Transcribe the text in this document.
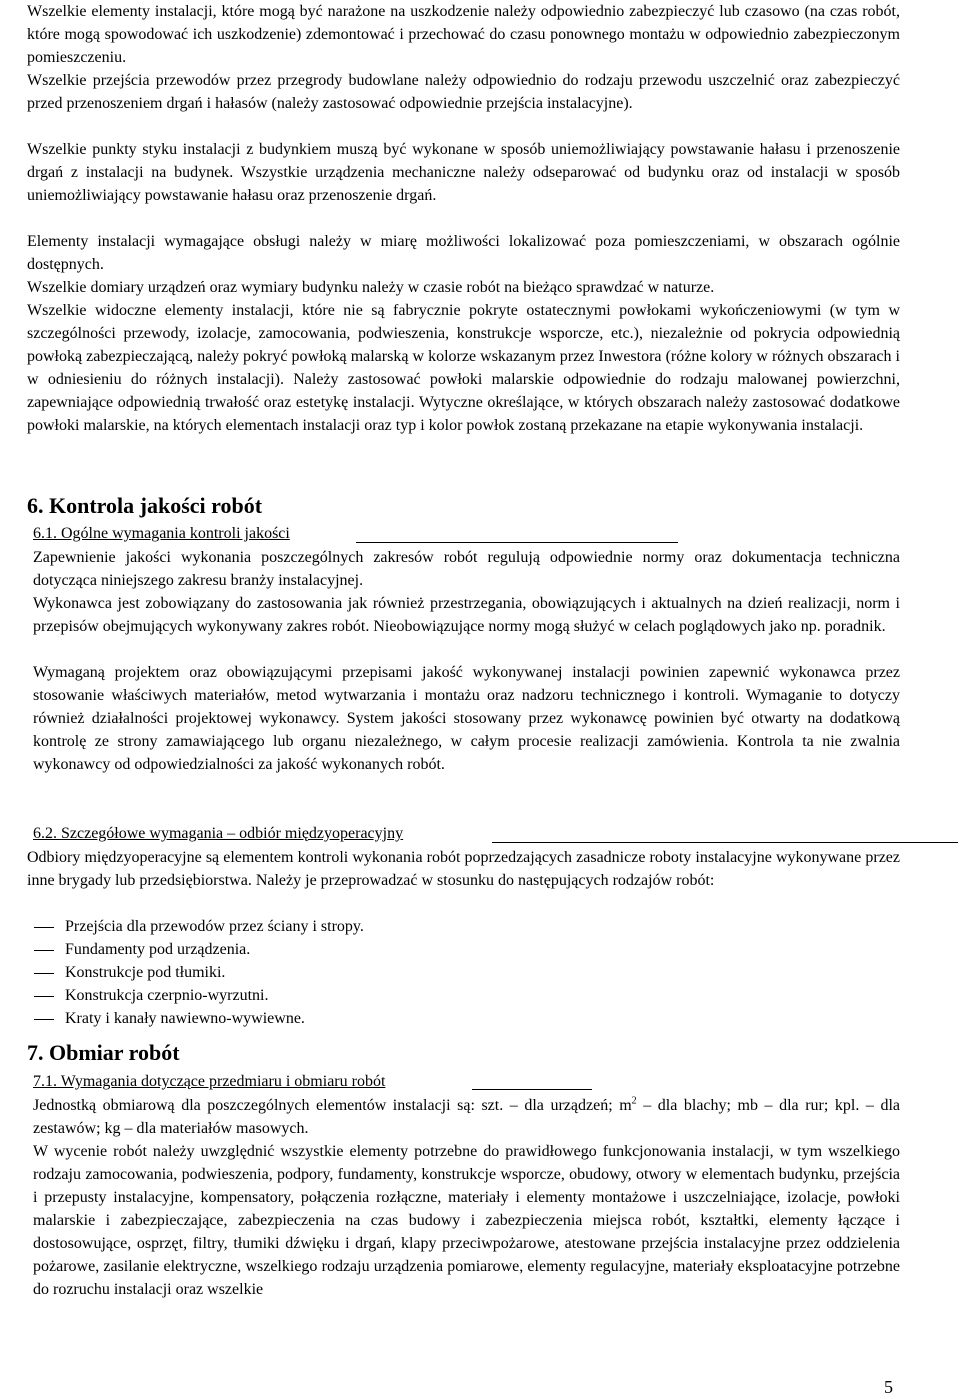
Wszelkie elementy instalacji, które mogą być narażone na uszkodzenie należy odpowiednio zabezpieczyć lub czasowo (na czas robót, które mogą spowodować ich uszkodzenie) zdemontować i przechować do czasu ponownego montażu w odpowiednio zabezpieczonym pomieszczeniu.

Wszelkie przejścia przewodów przez przegrody budowlane należy odpowiednio do rodzaju przewodu uszczelnić oraz zabezpieczyć przed przenoszeniem drgań i hałasów (należy zastosować odpowiednie przejścia instalacyjne).

Wszelkie punkty styku instalacji z budynkiem muszą być wykonane w sposób uniemożliwiający powstawanie hałasu i przenoszenie drgań z instalacji na budynek. Wszystkie urządzenia mechaniczne należy odseparować od budynku oraz od instalacji w sposób uniemożliwiający powstawanie hałasu oraz przenoszenie drgań.

Elementy instalacji wymagające obsługi należy w miarę możliwości lokalizować poza pomieszczeniami, w obszarach ogólnie dostępnych.

Wszelkie domiary urządzeń oraz wymiary budynku należy w czasie robót na bieżąco sprawdzać w naturze.

Wszelkie widoczne elementy instalacji, które nie są fabrycznie pokryte ostatecznymi powłokami wykończeniowymi (w tym w szczególności przewody, izolacje, zamocowania, podwieszenia, konstrukcje wsporcze, etc.), niezależnie od pokrycia odpowiednią powłoką zabezpieczającą, należy pokryć powłoką malarską w kolorze wskazanym przez Inwestora (różne kolory w różnych obszarach i w odniesieniu do różnych instalacji). Należy zastosować powłoki malarskie odpowiednie do rodzaju malowanej powierzchni, zapewniające odpowiednią trwałość oraz estetykę instalacji. Wytyczne określające, w których obszarach należy zastosować dodatkowe powłoki malarskie, na których elementach instalacji oraz typ i kolor powłok zostaną przekazane na etapie wykonywania instalacji.

6. Kontrola jakości robót
6.1. Ogólne wymagania kontroli jakości

Zapewnienie jakości wykonania poszczególnych zakresów robót regulują odpowiednie normy oraz dokumentacja techniczna dotycząca niniejszego zakresu branży instalacyjnej.

Wykonawca jest zobowiązany do zastosowania jak również przestrzegania, obowiązujących i aktualnych na dzień realizacji, norm i przepisów obejmujących wykonywany zakres robót. Nieobowiązujące normy mogą służyć w celach poglądowych jako np. poradnik.

Wymaganą projektem oraz obowiązującymi przepisami jakość wykonywanej instalacji powinien zapewnić wykonawca przez stosowanie właściwych materiałów, metod wytwarzania i montażu oraz nadzoru technicznego i kontroli. Wymaganie to dotyczy również działalności projektowej wykonawcy. System jakości stosowany przez wykonawcę powinien być otwarty na dodatkową kontrolę ze strony zamawiającego lub organu niezależnego, w całym procesie realizacji zamówienia. Kontrola ta nie zwalnia wykonawcy od odpowiedzialności za jakość wykonanych robót.

6.2. Szczegółowe wymagania – odbiór międzyoperacyjny

Odbiory międzyoperacyjne są elementem kontroli wykonania robót poprzedzających zasadnicze roboty instalacyjne wykonywane przez inne brygady lub przedsiębiorstwa. Należy je przeprowadzać w stosunku do następujących rodzajów robót:

Przejścia dla przewodów przez ściany i stropy.
Fundamenty pod urządzenia.
Konstrukcje pod tłumiki.
Konstrukcja czerpnio-wyrzutni.
Kraty i kanały nawiewno-wywiewne.
7. Obmiar robót
7.1. Wymagania dotyczące przedmiaru i obmiaru robót

Jednostką obmiarową dla poszczególnych elementów instalacji są: szt. – dla urządzeń; $m^2$ – dla blachy; mb – dla rur; kpl. – dla zestawów; kg – dla materiałów masowych.

W wycenie robót należy uwzględnić wszystkie elementy potrzebne do prawidłowego funkcjonowania instalacji, w tym wszelkiego rodzaju zamocowania, podwieszenia, podpory, fundamenty, konstrukcje wsporcze, obudowy, otwory w elementach budynku, przejścia i przepusty instalacyjne, kompensatory, połączenia rozłączne, materiały i elementy montażowe i uszczelniające, izolacje, powłoki malarskie i zabezpieczające, zabezpieczenia na czas budowy i zabezpieczenia miejsca robót, kształtki, elementy łączące i dostosowujące, osprzęt, filtry, tłumiki dźwięku i drgań, klapy przeciwpożarowe, atestowane przejścia instalacyjne przez oddzielenia pożarowe, zasilanie elektryczne, wszelkiego rodzaju urządzenia pomiarowe, elementy regulacyjne, materiały eksploatacyjne potrzebne do rozruchu instalacji oraz wszelkie

5
